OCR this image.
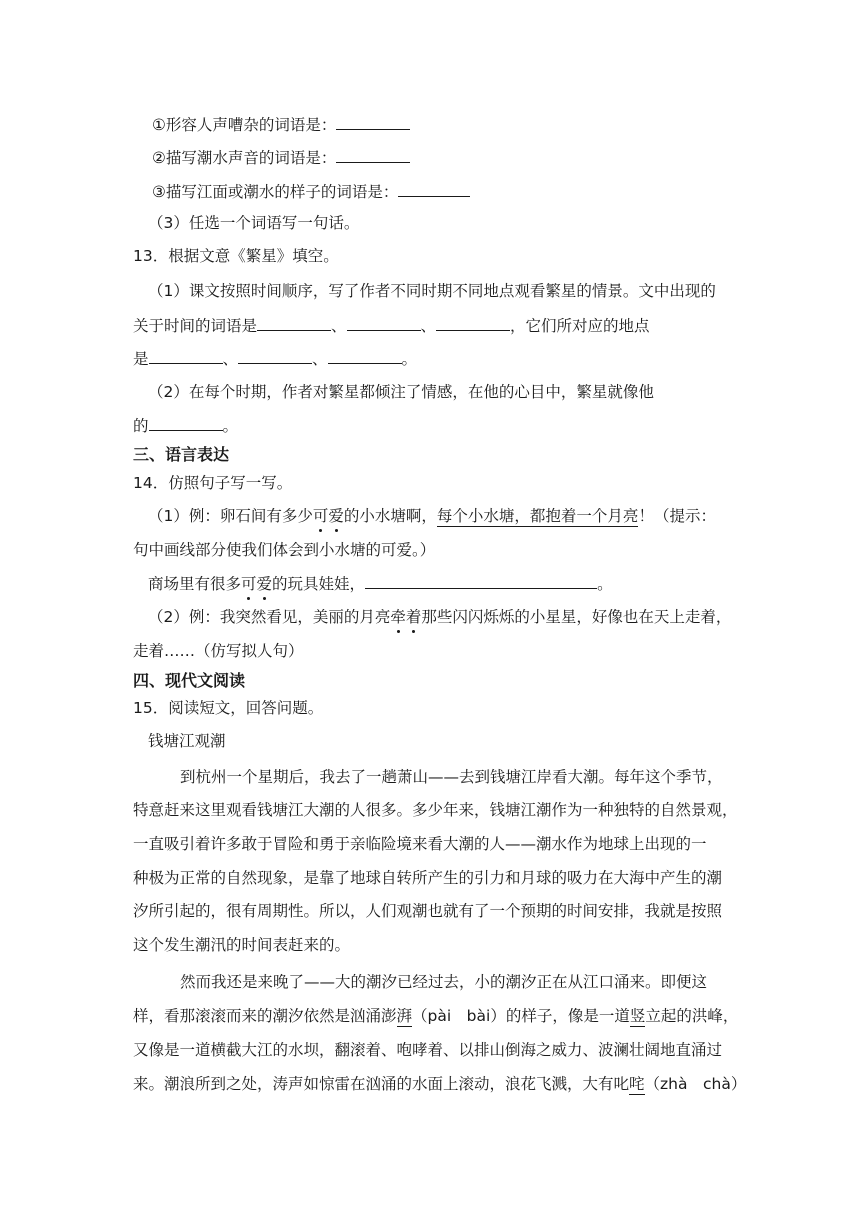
①形容人声嘈杂的词语是：
②描写潮水声音的词语是：
③描写江面或潮水的样子的词语是：
（3）任选一个词语写一句话。
13．根据文意《繁星》填空。
（1）课文按照时间顺序，写了作者不同时期不同地点观看繁星的情景。文中出现的
关于时间的词语是	、	、	，它们所对应的地点
是	、	、	。
（2）在每个时期，作者对繁星都倾注了情感，在他的心目中，繁星就像他
的	。
三、语言表达
14．仿照句子写一写。
（1）例：卵石间有多少可爱的小水塘啊，每个小水塘，都抱着一个月亮！（提示：
句中画线部分使我们体会到小水塘的可爱。）
商场里有很多可爱的玩具娃娃，	。
（2）例：我突然看见，美丽的月亮牵着那些闪闪烁烁的小星星，好像也在天上走着，
走着……（仿写拟人句）
四、现代文阅读
15．阅读短文，回答问题。
钱塘江观潮
到杭州一个星期后，我去了一趟萧山——去到钱塘江岸看大潮。每年这个季节，
特意赶来这里观看钱塘江大潮的人很多。多少年来，钱塘江潮作为一种独特的自然景观，
一直吸引着许多敢于冒险和勇于亲临险境来看大潮的人——潮水作为地球上出现的一
种极为正常的自然现象，是靠了地球自转所产生的引力和月球的吸力在大海中产生的潮
汐所引起的，很有周期性。所以，人们观潮也就有了一个预期的时间安排，我就是按照
这个发生潮汛的时间表赶来的。
然而我还是来晚了——大的潮汐已经过去，小的潮汐正在从江口涌来。即便这
样，看那滚滚而来的潮汐依然是汹涌澎湃（pài　bài）的样子，像是一道竖立起的洪峰，
又像是一道横截大江的水坝，翻滚着、咆哮着、以排山倒海之威力、波澜壮阔地直涌过
来。潮浪所到之处，涛声如惊雷在汹涌的水面上滚动，浪花飞溅，大有叱咤（zhà　chà）
